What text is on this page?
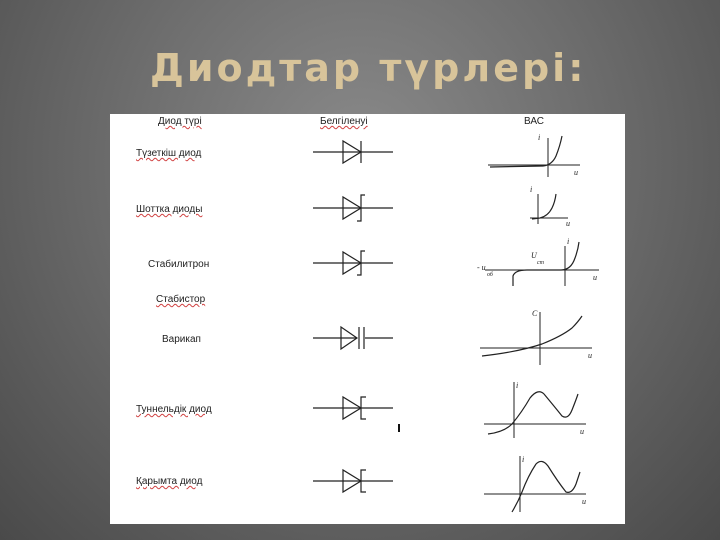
Диодтар түрлері:
Диод түрі	Белгіленуі	ВАС
Түзеткіш диод
Шоттка диоды
Стабилитрон
Стабистор
Варикап
Туннельдік диод
Қарымта диод
i
и
i
и
i
U
ст
- и
об	и
C
и
i
и
i
и
